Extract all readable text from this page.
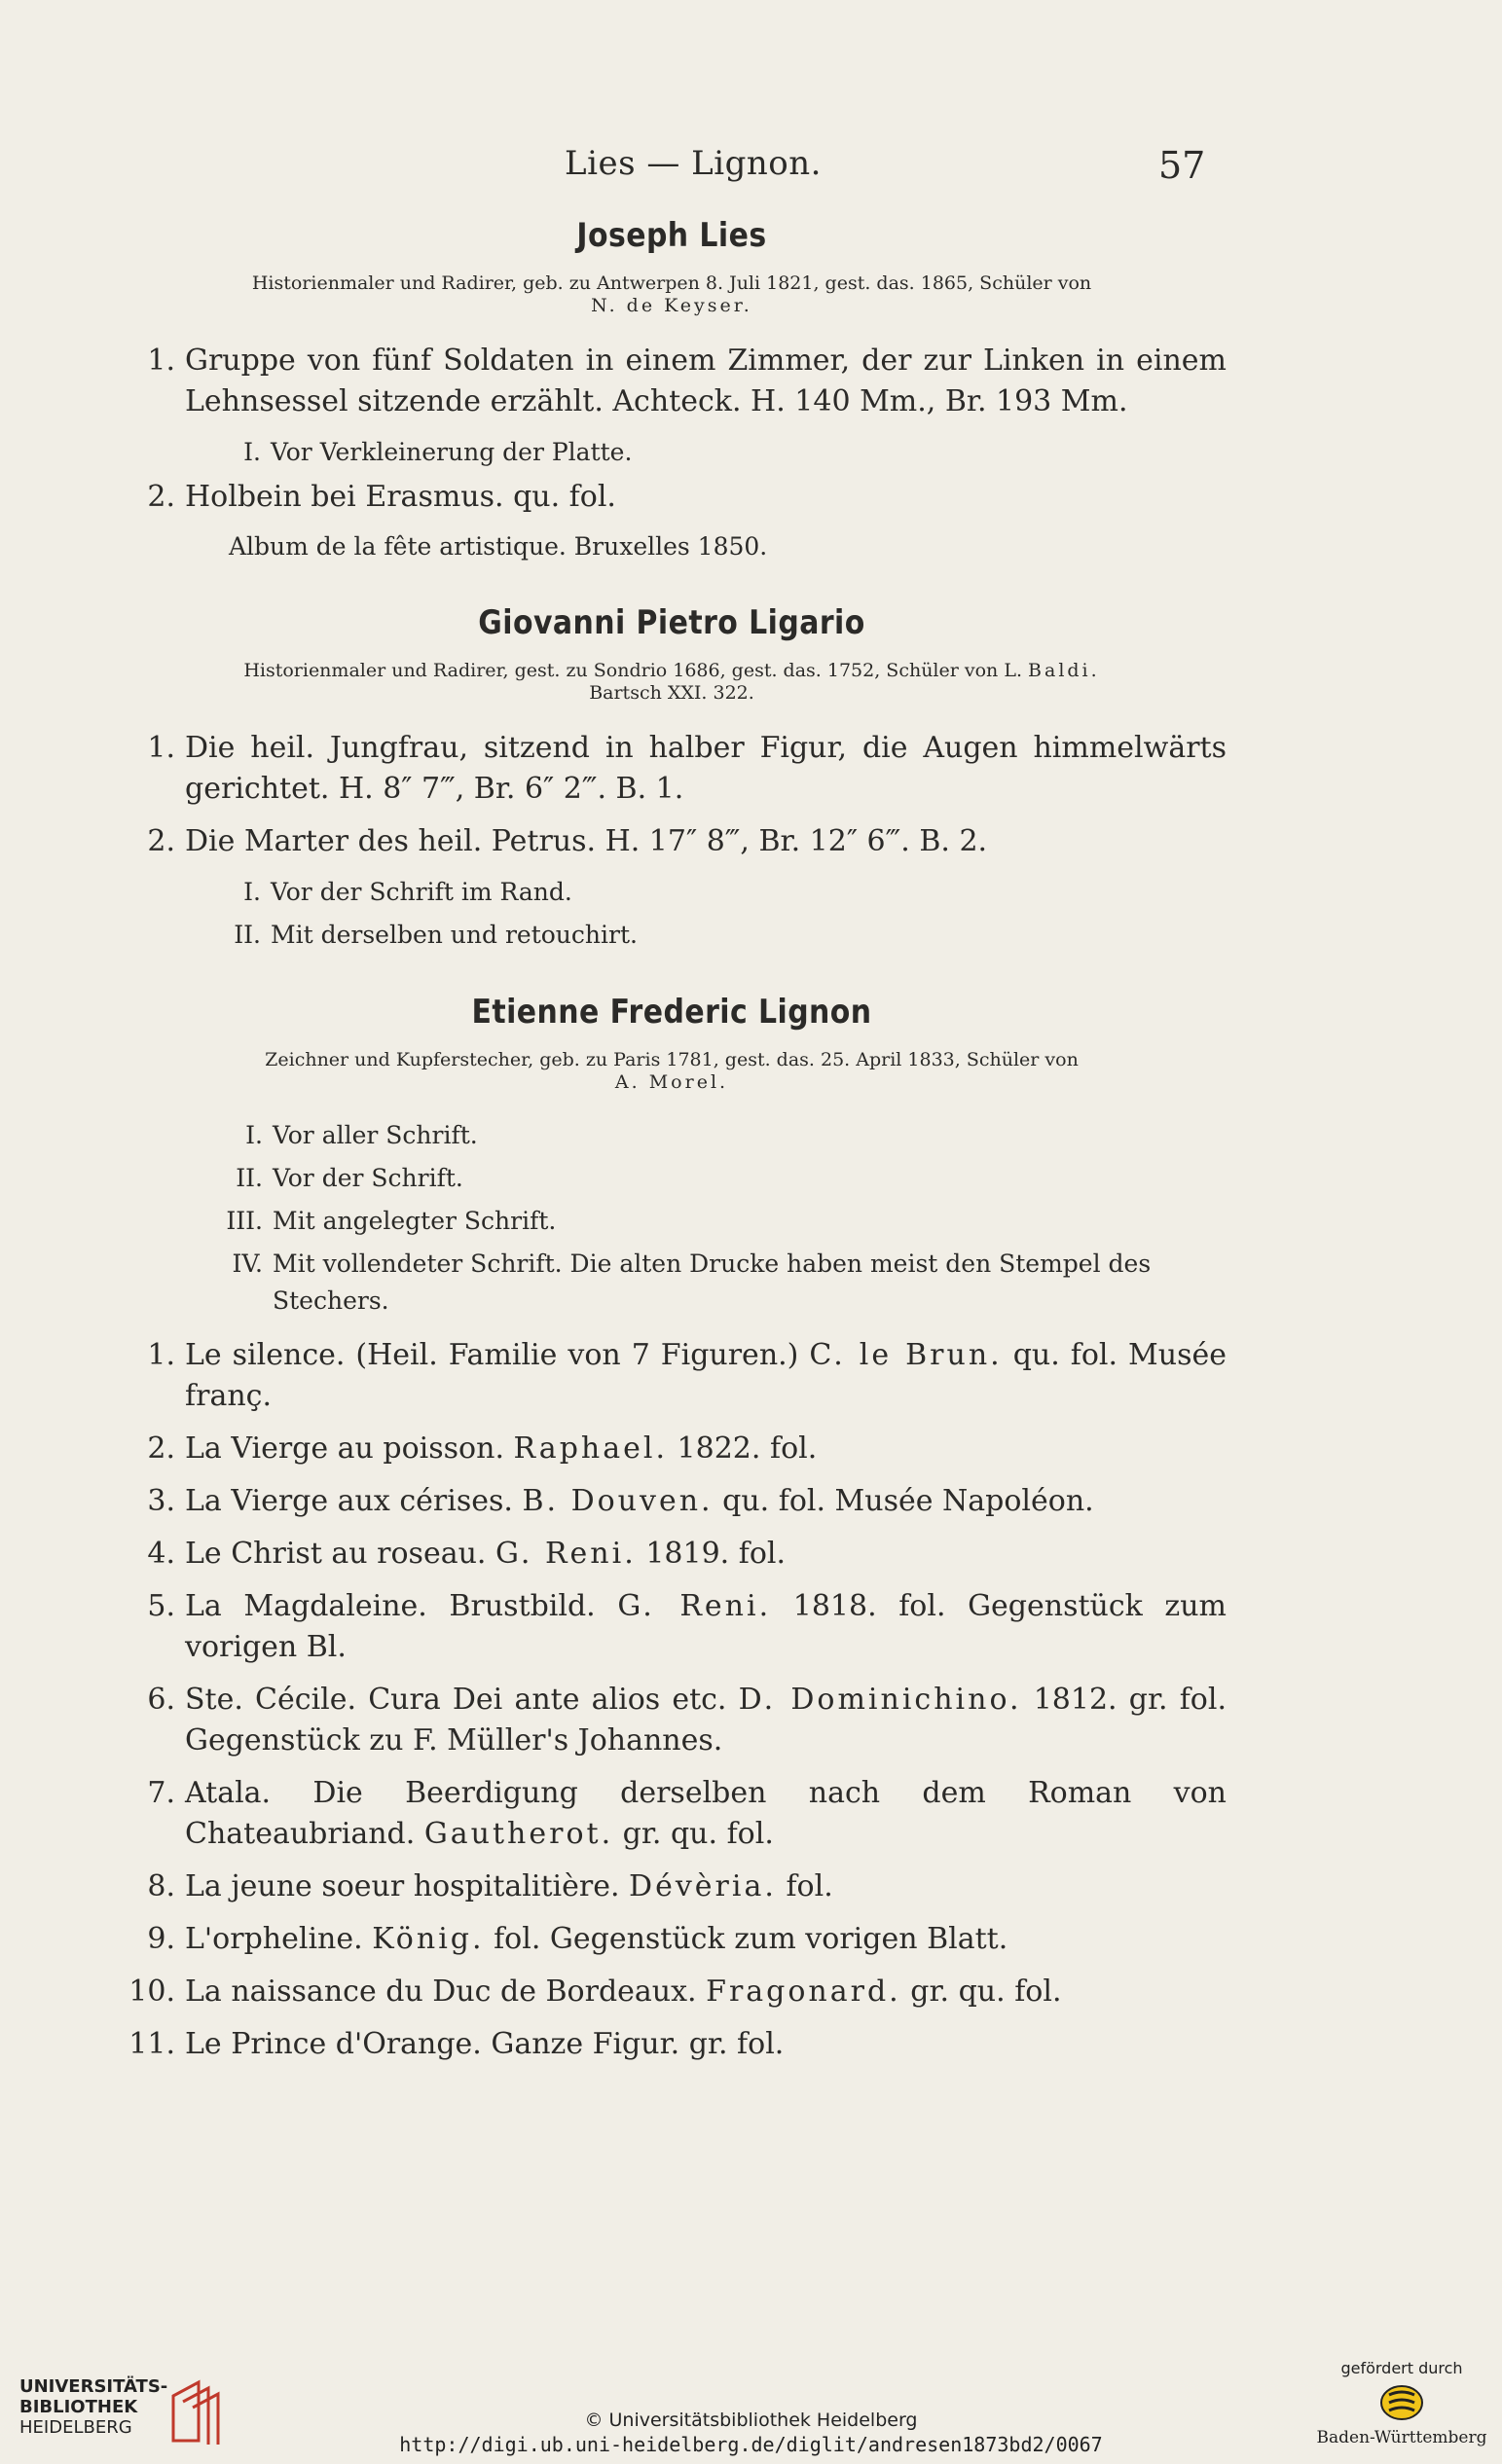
Lies — Lignon.	57
Joseph Lies
Historienmaler und Radirer, geb. zu Antwerpen 8. Juli 1821, gest. das. 1865, Schüler von
N. de Keyser.
1. Gruppe von fünf Soldaten in einem Zimmer, der zur Linken in einem Lehnsessel sitzende erzählt. Achteck. H. 140 Mm., Br. 193 Mm.
I. Vor Verkleinerung der Platte.
2. Holbein bei Erasmus. qu. fol.
Album de la fête artistique. Bruxelles 1850.
Giovanni Pietro Ligario
Historienmaler und Radirer, gest. zu Sondrio 1686, gest. das. 1752, Schüler von L. Baldi.
Bartsch XXI. 322.
1. Die heil. Jungfrau, sitzend in halber Figur, die Augen himmelwärts gerichtet. H. 8″ 7‴, Br. 6″ 2‴. B. 1.
2. Die Marter des heil. Petrus. H. 17″ 8‴, Br. 12″ 6‴. B. 2.
I. Vor der Schrift im Rand.
II. Mit derselben und retouchirt.
Etienne Frederic Lignon
Zeichner und Kupferstecher, geb. zu Paris 1781, gest. das. 25. April 1833, Schüler von
A. Morel.
I. Vor aller Schrift.
II. Vor der Schrift.
III. Mit angelegter Schrift.
IV. Mit vollendeter Schrift. Die alten Drucke haben meist den Stempel des Stechers.
1. Le silence. (Heil. Familie von 7 Figuren.) C. le Brun. qu. fol. Musée franç.
2. La Vierge au poisson. Raphael. 1822. fol.
3. La Vierge aux cérises. B. Douven. qu. fol. Musée Napoléon.
4. Le Christ au roseau. G. Reni. 1819. fol.
5. La Magdaleine. Brustbild. G. Reni. 1818. fol. Gegenstück zum vorigen Bl.
6. Ste. Cécile. Cura Dei ante alios etc. D. Dominichino. 1812. gr. fol. Gegenstück zu F. Müller's Johannes.
7. Atala. Die Beerdigung derselben nach dem Roman von Chateaubriand. Gautherot. gr. qu. fol.
8. La jeune soeur hospitalitière. Dévèria. fol.
9. L'orpheline. König. fol. Gegenstück zum vorigen Blatt.
10. La naissance du Duc de Bordeaux. Fragonard. gr. qu. fol.
11. Le Prince d'Orange. Ganze Figur. gr. fol.
UNIVERSITÄTS-
BIBLIOTHEK
HEIDELBERG	© Universitätsbibliothek Heidelberg
http://digi.ub.uni-heidelberg.de/diglit/andresen1873bd2/0067
gefördert durch
Baden-Württemberg
